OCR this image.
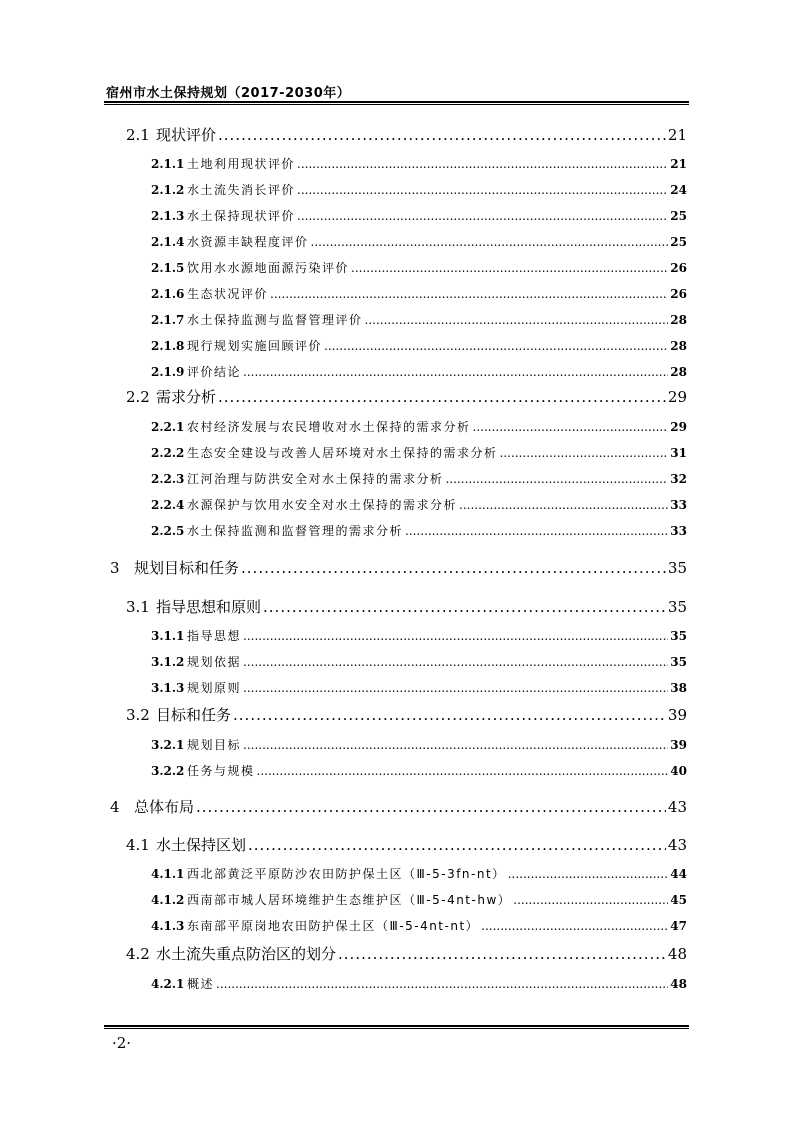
宿州市水土保持规划（2017-2030年）
2.1 现状评价 .....	21
2.1.1 土地利用现状评价 .....	21
2.1.2 水土流失消长评价 .....	24
2.1.3 水土保持现状评价 .....	25
2.1.4 水资源丰缺程度评价 .....	25
2.1.5 饮用水水源地面源污染评价 .....	26
2.1.6 生态状况评价 .....	26
2.1.7 水土保持监测与监督管理评价 .....	28
2.1.8 现行规划实施回顾评价 .....	28
2.1.9 评价结论 .....	28
2.2 需求分析 .....	29
2.2.1 农村经济发展与农民增收对水土保持的需求分析 .....	29
2.2.2 生态安全建设与改善人居环境对水土保持的需求分析 .....	31
2.2.3 江河治理与防洪安全对水土保持的需求分析 .....	32
2.2.4 水源保护与饮用水安全对水土保持的需求分析 .....	33
2.2.5 水土保持监测和监督管理的需求分析 .....	33
3 规划目标和任务 .....	35
3.1 指导思想和原则 .....	35
3.1.1 指导思想 .....	35
3.1.2 规划依据 .....	35
3.1.3 规划原则 .....	38
3.2 目标和任务 .....	39
3.2.1 规划目标 .....	39
3.2.2 任务与规模 .....	40
4 总体布局 .....	43
4.1 水土保持区划 .....	43
4.1.1 西北部黄泛平原防沙农田防护保土区（Ⅲ-5-3fn-nt） .....	44
4.1.2 西南部市城人居环境维护生态维护区（Ⅲ-5-4nt-hw） .....	45
4.1.3 东南部平原岗地农田防护保土区（Ⅲ-5-4nt-nt） .....	47
4.2 水土流失重点防治区的划分 .....	48
4.2.1 概述 .....	48
·2·
